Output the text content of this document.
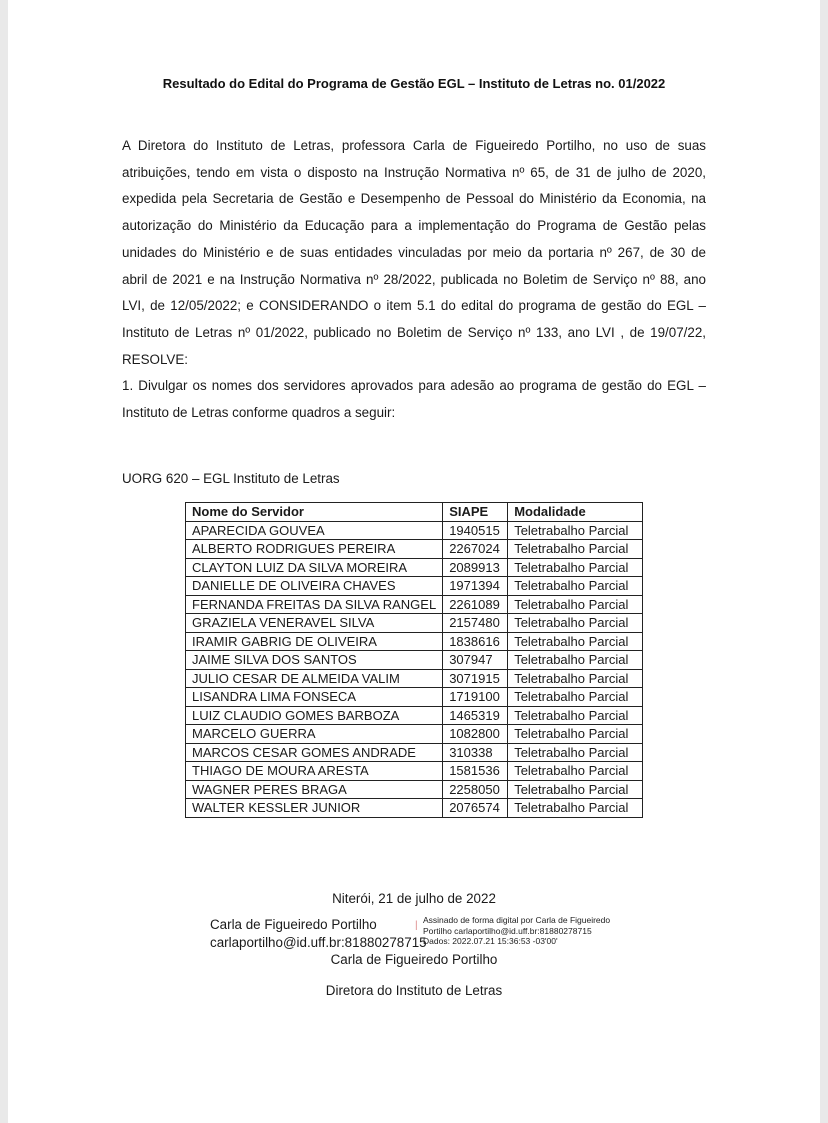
Resultado do Edital do Programa de Gestão EGL – Instituto de Letras no. 01/2022

A Diretora do Instituto de Letras, professora Carla de Figueiredo Portilho, no uso de suas

atribuições, tendo em vista o disposto na Instrução Normativa nº 65, de 31 de julho de 2020,

expedida pela Secretaria de Gestão e Desempenho de Pessoal do Ministério da Economia, na

autorização do Ministério da Educação para a implementação do Programa de Gestão pelas

unidades do Ministério e de suas entidades vinculadas por meio da portaria nº 267, de 30 de

abril de 2021 e na Instrução Normativa nº 28/2022, publicada no Boletim de Serviço nº 88, ano

LVI, de 12/05/2022; e CONSIDERANDO o item 5.1 do edital do programa de gestão do EGL –

Instituto de Letras nº 01/2022, publicado no Boletim de Serviço nº 133, ano LVI , de 19/07/22,

RESOLVE:

1. Divulgar os nomes dos servidores aprovados para adesão ao programa de gestão do EGL –

Instituto de Letras conforme quadros a seguir:

UORG 620 – EGL Instituto de Letras
Nome do Servidor	SIAPE	Modalidade
APARECIDA GOUVEA	1940515	Teletrabalho Parcial
ALBERTO RODRIGUES PEREIRA	2267024	Teletrabalho Parcial
CLAYTON LUIZ DA SILVA MOREIRA	2089913	Teletrabalho Parcial
DANIELLE DE OLIVEIRA CHAVES	1971394	Teletrabalho Parcial
FERNANDA FREITAS DA SILVA RANGEL	2261089	Teletrabalho Parcial
GRAZIELA VENERAVEL SILVA	2157480	Teletrabalho Parcial
IRAMIR GABRIG DE OLIVEIRA	1838616	Teletrabalho Parcial
JAIME SILVA DOS SANTOS	307947	Teletrabalho Parcial
JULIO CESAR DE ALMEIDA VALIM	3071915	Teletrabalho Parcial
LISANDRA LIMA FONSECA	1719100	Teletrabalho Parcial
LUIZ CLAUDIO GOMES BARBOZA	1465319	Teletrabalho Parcial
MARCELO GUERRA	1082800	Teletrabalho Parcial
MARCOS CESAR GOMES ANDRADE	310338	Teletrabalho Parcial
THIAGO DE MOURA ARESTA	1581536	Teletrabalho Parcial
WAGNER PERES BRAGA	2258050	Teletrabalho Parcial
WALTER KESSLER JUNIOR	2076574	Teletrabalho Parcial
Niterói, 21 de julho de 2022
Carla de Figueiredo Portilho
carlaportilho@id.uff.br:81880278715
| Assinado de forma digital por Carla de Figueiredo
Portilho carlaportilho@id.uff.br:81880278715
Dados: 2022.07.21 15:36:53 -03'00'
Carla de Figueiredo Portilho
Diretora do Instituto de Letras
